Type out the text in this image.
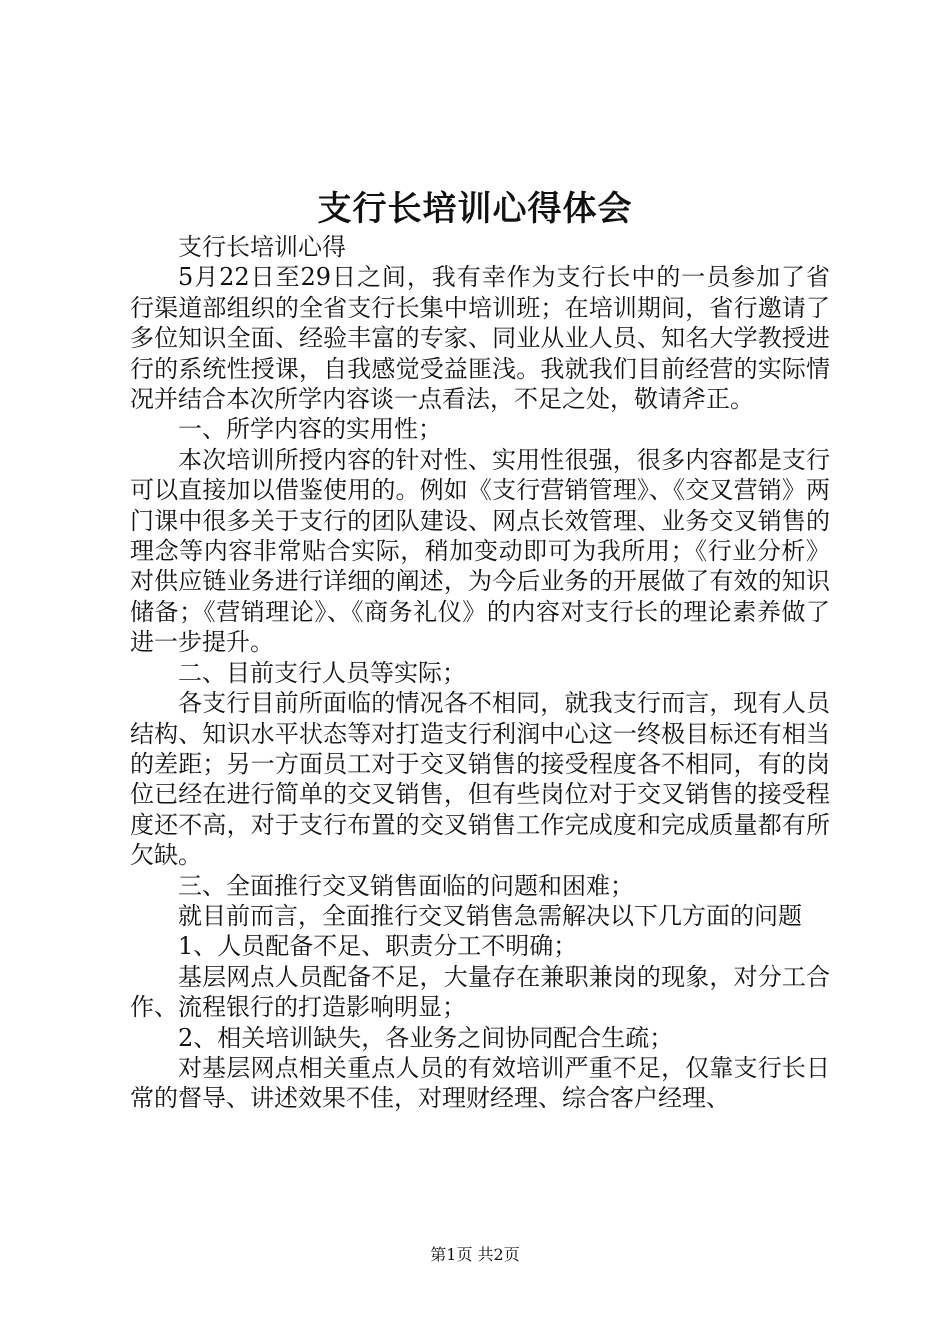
支行长培训心得体会

支行长培训心得

5月22日至29日之间，我有幸作为支行长中的一员参加了省行渠道部组织的全省支行长集中培训班；在培训期间，省行邀请了多位知识全面、经验丰富的专家、同业从业人员、知名大学教授进行的系统性授课，自我感觉受益匪浅。我就我们目前经营的实际情况并结合本次所学内容谈一点看法，不足之处，敬请斧正。

一、所学内容的实用性；

本次培训所授内容的针对性、实用性很强，很多内容都是支行可以直接加以借鉴使用的。例如《支行营销管理》、《交叉营销》两门课中很多关于支行的团队建设、网点长效管理、业务交叉销售的理念等内容非常贴合实际，稍加变动即可为我所用；《行业分析》对供应链业务进行详细的阐述，为今后业务的开展做了有效的知识储备；《营销理论》、《商务礼仪》的内容对支行长的理论素养做了进一步提升。

二、目前支行人员等实际；

各支行目前所面临的情况各不相同，就我支行而言，现有人员结构、知识水平状态等对打造支行利润中心这一终极目标还有相当的差距；另一方面员工对于交叉销售的接受程度各不相同，有的岗位已经在进行简单的交叉销售，但有些岗位对于交叉销售的接受程度还不高，对于支行布置的交叉销售工作完成度和完成质量都有所欠缺。

三、全面推行交叉销售面临的问题和困难；

就目前而言，全面推行交叉销售急需解决以下几方面的问题

1、人员配备不足、职责分工不明确；

基层网点人员配备不足，大量存在兼职兼岗的现象，对分工合作、流程银行的打造影响明显；

2、相关培训缺失，各业务之间协同配合生疏；

对基层网点相关重点人员的有效培训严重不足，仅靠支行长日常的督导、讲述效果不佳，对理财经理、综合客户经理、

第1页 共2页
